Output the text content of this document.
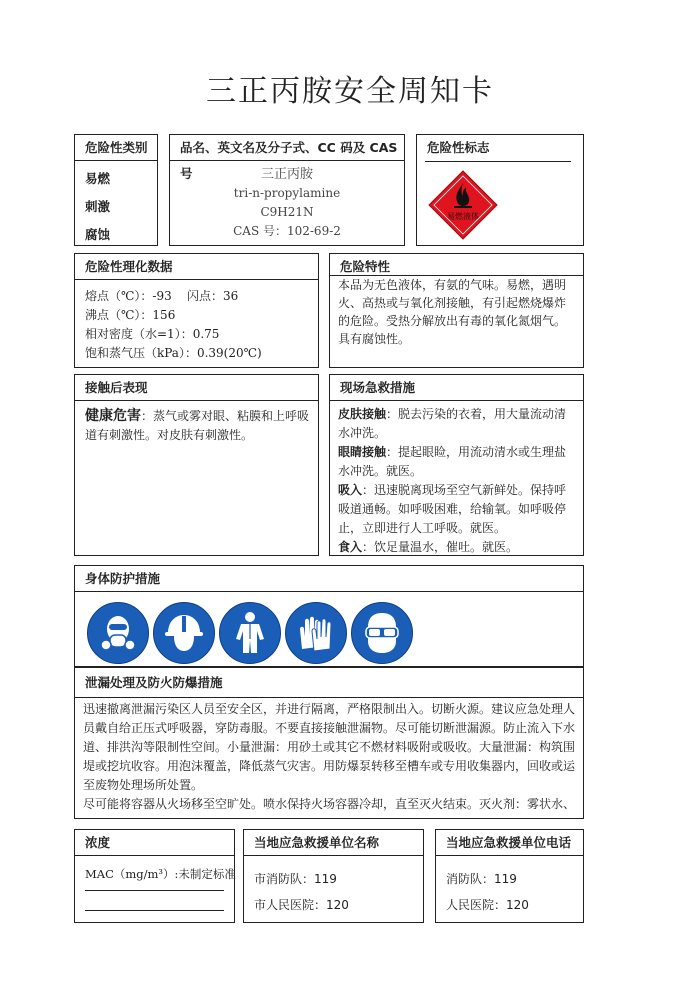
三正丙胺安全周知卡
危险性类别
易燃
刺激
腐蚀
品名、英文名及分子式、CC 码及 CAS 号	三正丙胺
tri-n-propylamine
C9H21N
CAS 号：102-69-2
危险性标志
易燃液体
危险性理化数据
熔点（℃）：-93    闪点：36
沸点（℃）：156
相对密度（水=1）：0.75
饱和蒸气压（kPa）：0.39(20℃)
危险特性
本品为无色液体，有氨的气味。易燃，遇明火、高热或与氧化剂接触，有引起燃烧爆炸的危险。受热分解放出有毒的氧化氮烟气。具有腐蚀性。
接触后表现
健康危害：蒸气或雾对眼、粘膜和上呼吸道有刺激性。对皮肤有刺激性。
现场急救措施
皮肤接触：脱去污染的衣着，用大量流动清水冲洗。
眼睛接触：提起眼睑，用流动清水或生理盐水冲洗。就医。
吸入：迅速脱离现场至空气新鲜处。保持呼吸道通畅。如呼吸困难，给输氧。如呼吸停止，立即进行人工呼吸。就医。
食入：饮足量温水，催吐。就医。
身体防护措施
泄漏处理及防火防爆措施
迅速撤离泄漏污染区人员至安全区，并进行隔离，严格限制出入。切断火源。建议应急处理人员戴自给正压式呼吸器，穿防毒服。不要直接接触泄漏物。尽可能切断泄漏源。防止流入下水道、排洪沟等限制性空间。小量泄漏：用砂土或其它不燃材料吸附或吸收。大量泄漏：构筑围堤或挖坑收容。用泡沫覆盖，降低蒸气灾害。用防爆泵转移至槽车或专用收集器内，回收或运至废物处理场所处置。
尽可能将容器从火场移至空旷处。喷水保持火场容器冷却，直至灭火结束。灭火剂：雾状水、
浓度
MAC（mg/m³）:未制定标准
当地应急救援单位名称
市消防队：119
市人民医院：120
当地应急救援单位电话
消防队：119
人民医院：120
